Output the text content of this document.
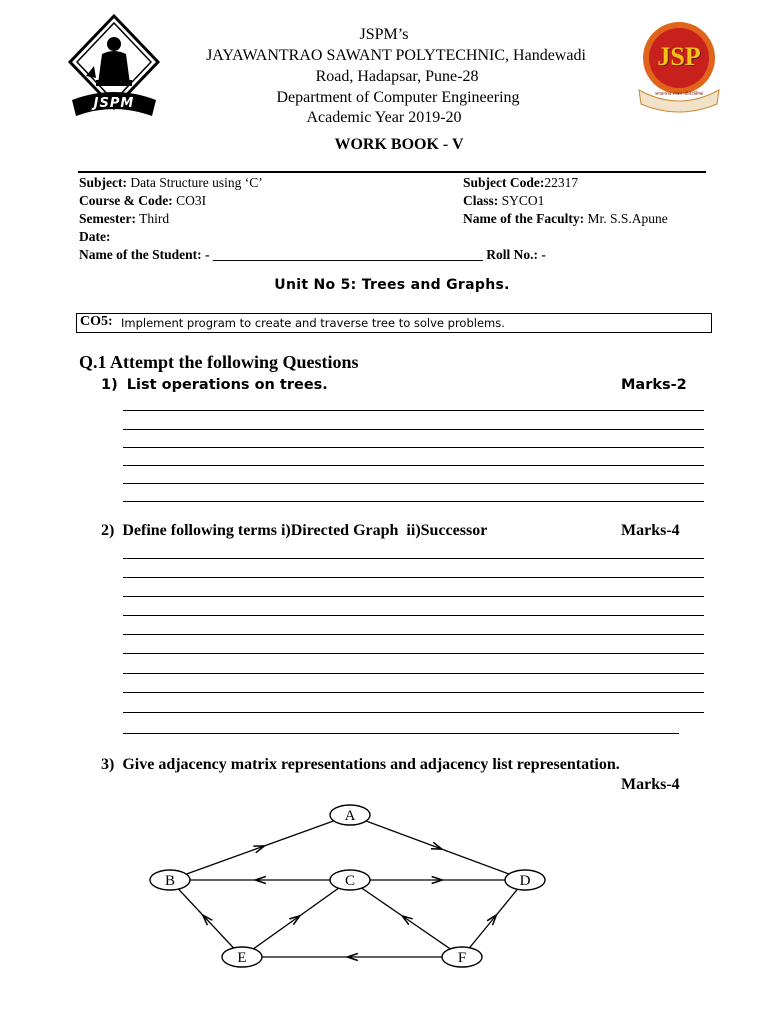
JSPM
JSP
जयवंतराव सावंत पॉलिटेक्निक
JSPM’s
JAYAWANTRAO SAWANT POLYTECHNIC, Handewadi
Road, Hadapsar, Pune-28
Department of Computer Engineering
Academic Year 2019-20
WORK BOOK - V
Subject: Data Structure using ‘C’	Subject Code:22317
Course & Code: CO3I	Class: SYCO1
Semester: Third	Name of the Faculty: Mr. S.S.Apune
Date:
Name of the Student: - ________________________________________ Roll No.: -
Unit No 5: Trees and Graphs.
CO5: Implement program to create and traverse tree to solve problems.
Q.1 Attempt the following Questions
1) List operations on trees.	Marks-2
2) Define following terms i)Directed Graph  ii)Successor	Marks-4
3) Give adjacency matrix representations and adjacency list representation.
Marks-4
A
B	C	D
E	F
